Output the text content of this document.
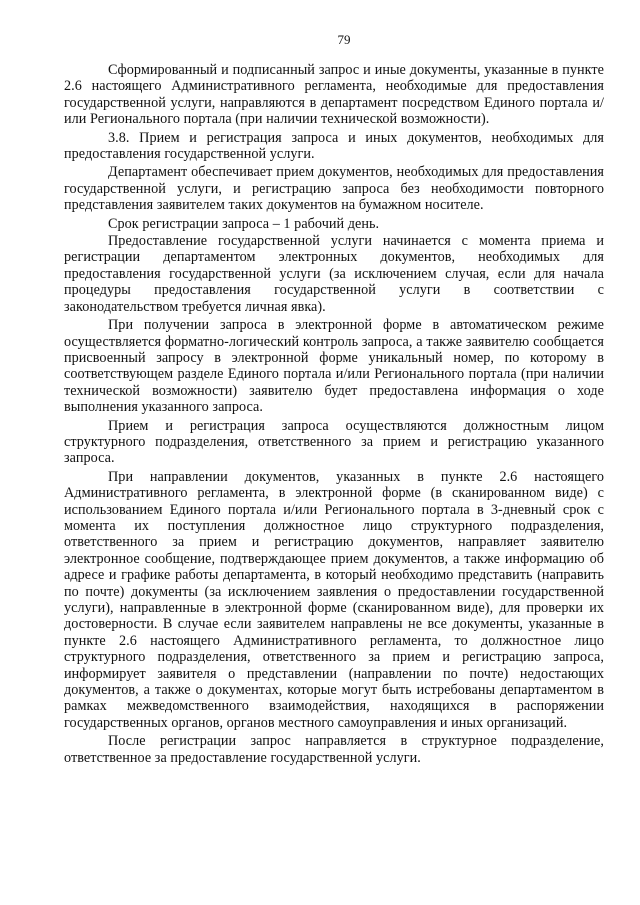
79

Сформированный и подписанный запрос и иные документы, указанные в пункте 2.6 настоящего Административного регламента, необходимые для предоставления государственной услуги, направляются в департамент посредством Единого портала и/или Регионального портала (при наличии технической возможности).

3.8. Прием и регистрация запроса и иных документов, необходимых для предоставления государственной услуги.

Департамент обеспечивает прием документов, необходимых для предоставления государственной услуги, и регистрацию запроса без необходимости повторного представления заявителем таких документов на бумажном носителе.

Срок регистрации запроса – 1 рабочий день.

Предоставление государственной услуги начинается с момента приема и регистрации департаментом электронных документов, необходимых для предоставления государственной услуги (за исключением случая, если для начала процедуры предоставления государственной услуги в соответствии с законодательством требуется личная явка).

При получении запроса в электронной форме в автоматическом режиме осуществляется форматно-логический контроль запроса, а также заявителю сообщается присвоенный запросу в электронной форме уникальный номер, по которому в соответствующем разделе Единого портала и/или Регионального портала (при наличии технической возможности) заявителю будет предоставлена информация о ходе выполнения указанного запроса.

Прием и регистрация запроса осуществляются должностным лицом структурного подразделения, ответственного за прием и регистрацию указанного запроса.

При направлении документов, указанных в пункте 2.6 настоящего Административного регламента, в электронной форме (в сканированном виде) с использованием Единого портала и/или Регионального портала в 3-дневный срок с момента их поступления должностное лицо структурного подразделения, ответственного за прием и регистрацию документов, направляет заявителю электронное сообщение, подтверждающее прием документов, а также информацию об адресе и графике работы департамента, в который необходимо представить (направить по почте) документы (за исключением заявления о предоставлении государственной услуги), направленные в электронной форме (сканированном виде), для проверки их достоверности. В случае если заявителем направлены не все документы, указанные в пункте 2.6 настоящего Административного регламента, то должностное лицо структурного подразделения, ответственного за прием и регистрацию запроса, информирует заявителя о представлении (направлении по почте) недостающих документов, а также о документах, которые могут быть истребованы департаментом в рамках межведомственного взаимодействия, находящихся в распоряжении государственных органов, органов местного самоуправления и иных организаций.

После регистрации запрос направляется в структурное подразделение, ответственное за предоставление государственной услуги.
